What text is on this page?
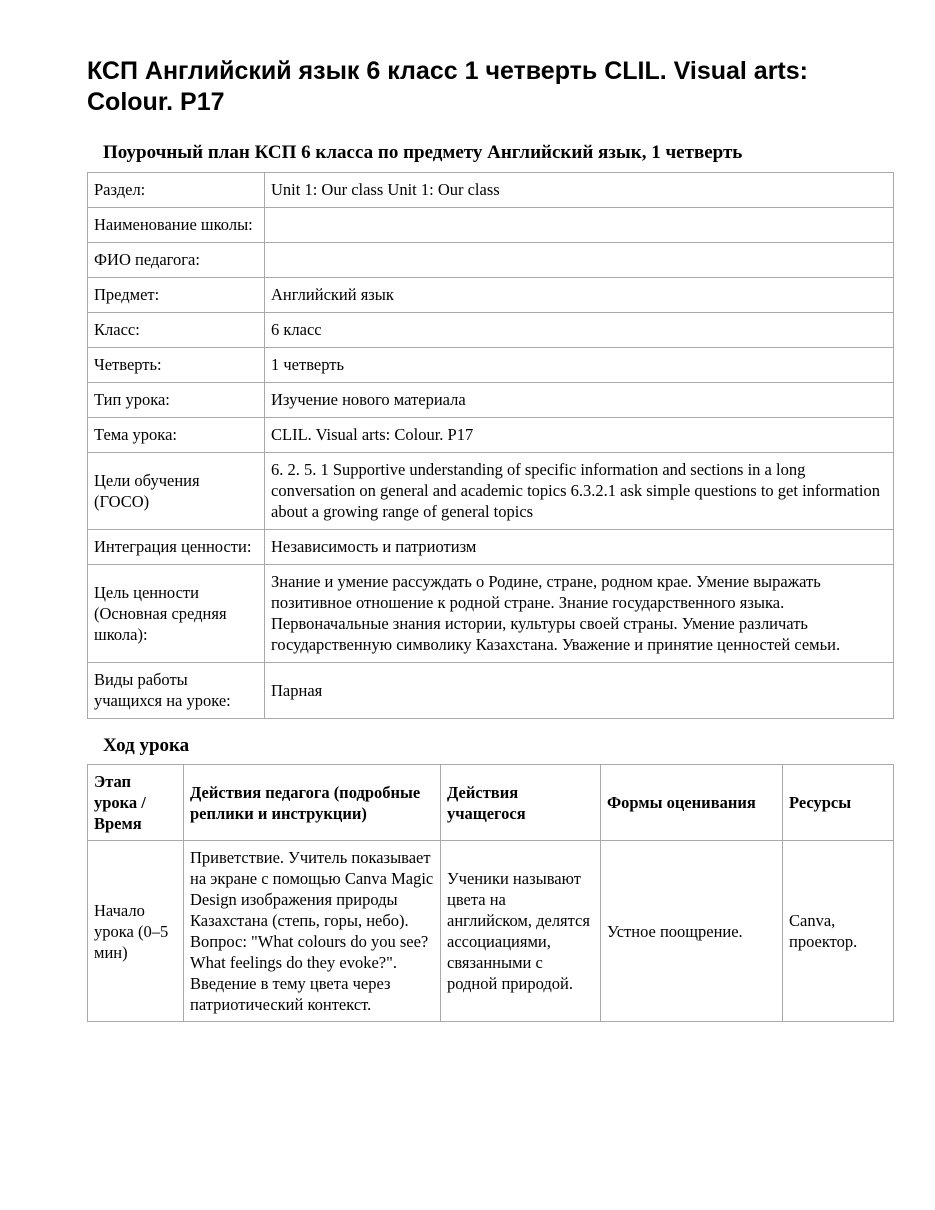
КСП Английский язык 6 класс 1 четверть CLIL. Visual arts: Colour. P17
Поурочный план КСП 6 класса по предмету Английский язык, 1 четверть
Раздел:	Unit 1: Our class Unit 1: Our class
Наименование школы:	
ФИО педагога:	
Предмет:	Английский язык
Класс:	6 класс
Четверть:	1 четверть
Тип урока:	Изучение нового материала
Тема урока:	CLIL. Visual arts: Colour. P17
Цели обучения (ГОСО)	6. 2. 5. 1 Supportive understanding of specific information and sections in a long conversation on general and academic topics 6.3.2.1 ask simple questions to get information about a growing range of general topics
Интеграция ценности:	Независимость и патриотизм
Цель ценности (Основная средняя школа):	Знание и умение рассуждать о Родине, стране, родном крае. Умение выражать позитивное отношение к родной стране. Знание государственного языка. Первоначальные знания истории, культуры своей страны. Умение различать государственную символику Казахстана. Уважение и принятие ценностей семьи.
Виды работы учащихся на уроке:	Парная
Ход урока
Этап урока / Время	Действия педагога (подробные реплики и инструкции)	Действия учащегося	Формы оценивания	Ресурсы
Начало урока (0–5 мин)	Приветствие. Учитель показывает на экране с помощью Canva Magic Design изображения природы Казахстана (степь, горы, небо). Вопрос: "What colours do you see? What feelings do they evoke?". Введение в тему цвета через патриотический контекст.	Ученики называют цвета на английском, делятся ассоциациями, связанными с родной природой.	Устное поощрение.	Canva, проектор.
